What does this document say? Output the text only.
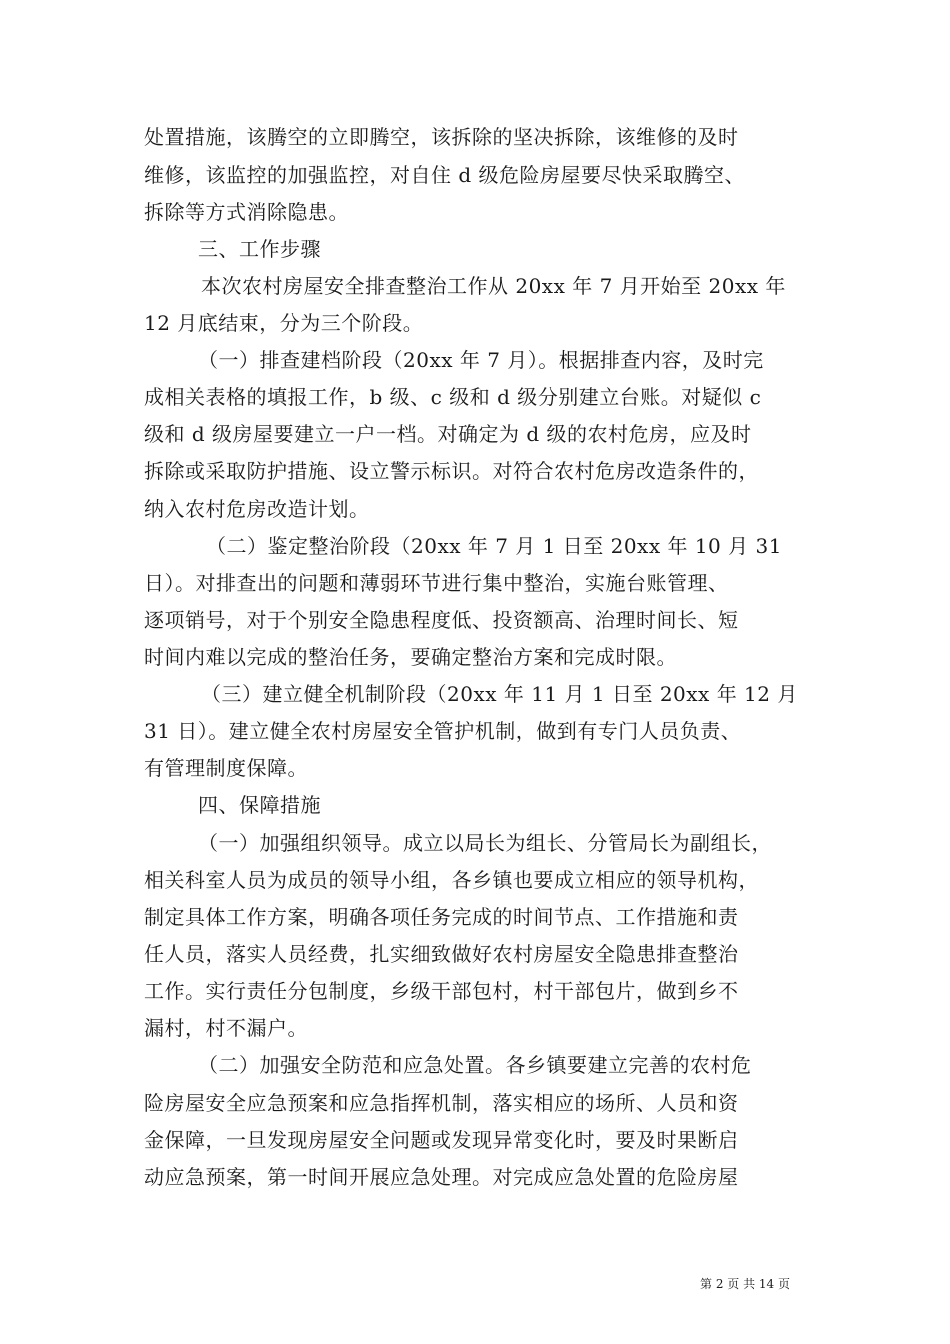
处置措施，该腾空的立即腾空，该拆除的坚决拆除，该维修的及时
维修，该监控的加强监控，对自住 d 级危险房屋要尽快采取腾空、
拆除等方式消除隐患。
三、工作步骤
本次农村房屋安全排查整治工作从 20xx 年 7 月开始至 20xx 年
12 月底结束，分为三个阶段。
（一）排查建档阶段（20xx 年 7 月）。根据排查内容，及时完
成相关表格的填报工作，b 级、c 级和 d 级分别建立台账。对疑似 c
级和 d 级房屋要建立一户一档。对确定为 d 级的农村危房，应及时
拆除或采取防护措施、设立警示标识。对符合农村危房改造条件的，
纳入农村危房改造计划。
（二）鉴定整治阶段（20xx 年 7 月 1 日至 20xx 年 10 月 31
日）。对排查出的问题和薄弱环节进行集中整治，实施台账管理、
逐项销号，对于个别安全隐患程度低、投资额高、治理时间长、短
时间内难以完成的整治任务，要确定整治方案和完成时限。
（三）建立健全机制阶段（20xx 年 11 月 1 日至 20xx 年 12 月
31 日）。建立健全农村房屋安全管护机制，做到有专门人员负责、
有管理制度保障。
四、保障措施
（一）加强组织领导。成立以局长为组长、分管局长为副组长，
相关科室人员为成员的领导小组，各乡镇也要成立相应的领导机构，
制定具体工作方案，明确各项任务完成的时间节点、工作措施和责
任人员，落实人员经费，扎实细致做好农村房屋安全隐患排查整治
工作。实行责任分包制度，乡级干部包村，村干部包片，做到乡不
漏村，村不漏户。
（二）加强安全防范和应急处置。各乡镇要建立完善的农村危
险房屋安全应急预案和应急指挥机制，落实相应的场所、人员和资
金保障，一旦发现房屋安全问题或发现异常变化时，要及时果断启
动应急预案，第一时间开展应急处理。对完成应急处置的危险房屋
第 2 页 共 14 页
